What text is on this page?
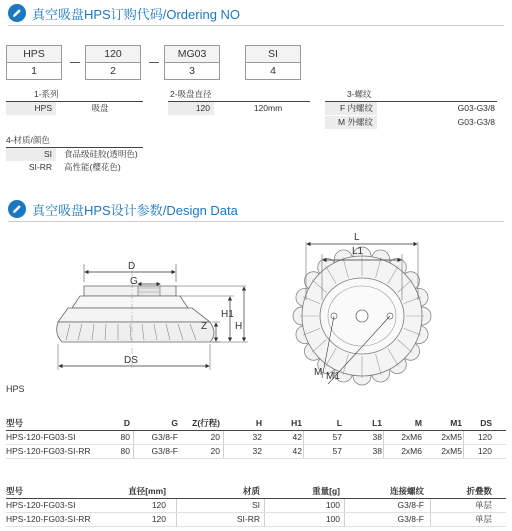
真空吸盘HPS订购代码/Ordering NO
HPS
1
120
2
MG03
3
SI
4
1-系列
HPS	吸盘
2-吸盘直径
120	120mm
3-螺纹
F 内螺纹	G03-G3/8
M 外螺纹	G03-G3/8
4-材质/颜色
SI	食品级硅胶(透明色)
SI-RR	高性能(樱花色)
真空吸盘HPS设计参数/Design Data
D
G
Z
H1
H
DS
L
L1
M M1
HPS
型号	D	G	Z(行程)	H	H1	L	L1	M	M1	DS
HPS-120-FG03-SI	80	G3/8-F	20	32	42	57	38	2xM6	2xM5	120
HPS-120-FG03-SI-RR	80	G3/8-F	20	32	42	57	38	2xM6	2xM5	120
型号	直径[mm]	材质	重量[g]	连接螺纹	折叠数
HPS-120-FG03-SI	120	SI	100	G3/8-F	单层
HPS-120-FG03-SI-RR	120	SI-RR	100	G3/8-F	单层
